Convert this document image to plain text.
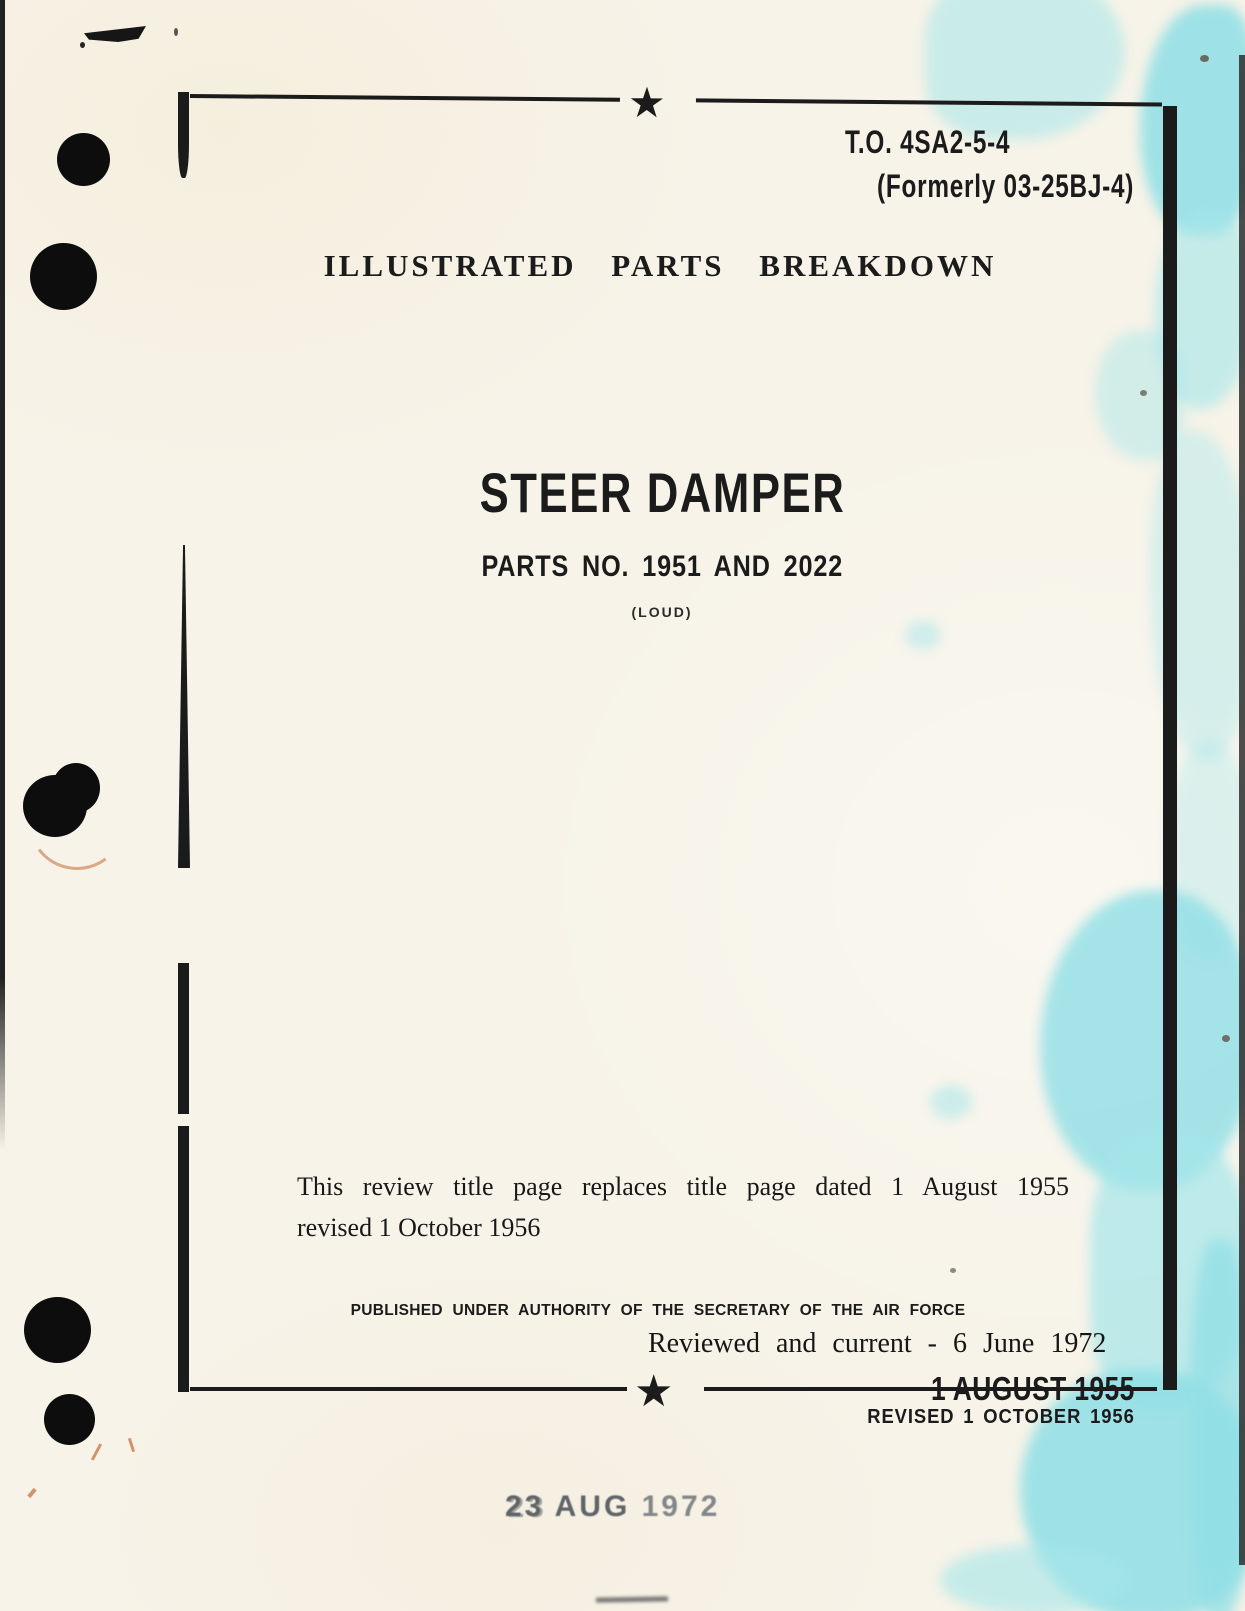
★
★
T.O. 4SA2-5-4
(Formerly 03-25BJ-4)
ILLUSTRATED PARTS BREAKDOWN
STEER DAMPER
PARTS NO. 1951 AND 2022
(LOUD)
This review title page replaces title page dated 1 August 1955
revised 1 October 1956
PUBLISHED UNDER AUTHORITY OF THE SECRETARY OF THE AIR FORCE
Reviewed and current - 6 June 1972
1 AUGUST 1955
REVISED 1 OCTOBER 1956
23 AUG 1972
